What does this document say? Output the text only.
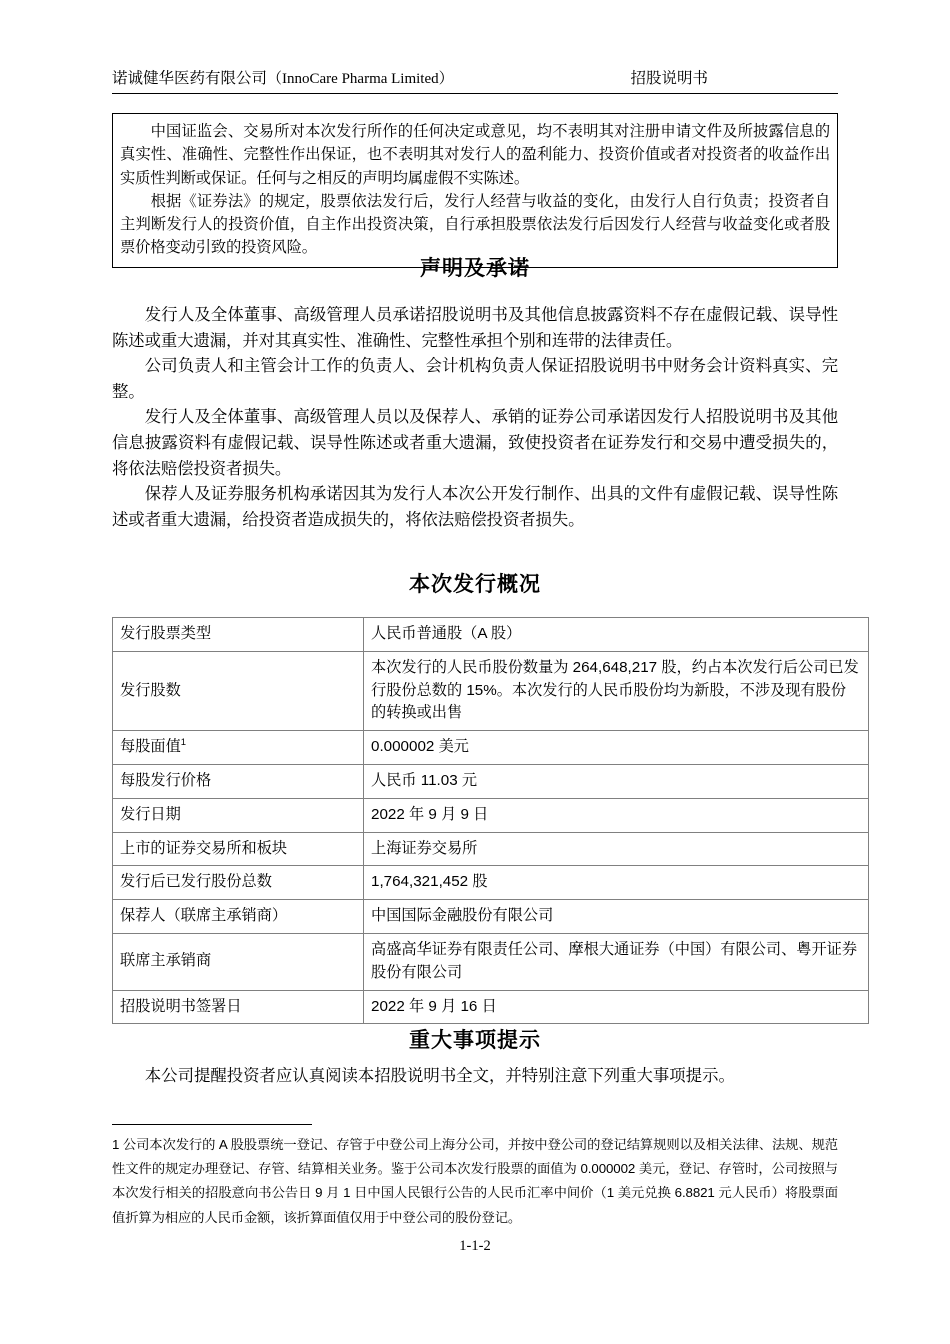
诺诚健华医药有限公司（InnoCare Pharma Limited）	招股说明书

中国证监会、交易所对本次发行所作的任何决定或意见，均不表明其对注册申请文件及所披露信息的真实性、准确性、完整性作出保证，也不表明其对发行人的盈利能力、投资价值或者对投资者的收益作出实质性判断或保证。任何与之相反的声明均属虚假不实陈述。

根据《证券法》的规定，股票依法发行后，发行人经营与收益的变化，由发行人自行负责；投资者自主判断发行人的投资价值，自主作出投资决策，自行承担股票依法发行后因发行人经营与收益变化或者股票价格变动引致的投资风险。

声明及承诺

发行人及全体董事、高级管理人员承诺招股说明书及其他信息披露资料不存在虚假记载、误导性陈述或重大遗漏，并对其真实性、准确性、完整性承担个别和连带的法律责任。

公司负责人和主管会计工作的负责人、会计机构负责人保证招股说明书中财务会计资料真实、完整。

发行人及全体董事、高级管理人员以及保荐人、承销的证券公司承诺因发行人招股说明书及其他信息披露资料有虚假记载、误导性陈述或者重大遗漏，致使投资者在证券发行和交易中遭受损失的，将依法赔偿投资者损失。

保荐人及证券服务机构承诺因其为发行人本次公开发行制作、出具的文件有虚假记载、误导性陈述或者重大遗漏，给投资者造成损失的，将依法赔偿投资者损失。

本次发行概况
发行股票类型	人民币普通股（A 股）
发行股数	本次发行的人民币股份数量为 264,648,217 股，约占本次发行后公司已发行股份总数的 15%。本次发行的人民币股份均为新股，不涉及现有股份的转换或出售
每股面值$^1$	0.000002 美元
每股发行价格	人民币 11.03 元
发行日期	2022 年 9 月 9 日
上市的证券交易所和板块	上海证券交易所
发行后已发行股份总数	1,764,321,452 股
保荐人（联席主承销商）	中国国际金融股份有限公司
联席主承销商	高盛高华证券有限责任公司、摩根大通证券（中国）有限公司、粤开证券股份有限公司
招股说明书签署日	2022 年 9 月 16 日
重大事项提示

本公司提醒投资者应认真阅读本招股说明书全文，并特别注意下列重大事项提示。

1 公司本次发行的 A 股股票统一登记、存管于中登公司上海分公司，并按中登公司的登记结算规则以及相关法律、法规、规范性文件的规定办理登记、存管、结算相关业务。鉴于公司本次发行股票的面值为 0.000002 美元，登记、存管时，公司按照与本次发行相关的招股意向书公告日 9 月 1 日中国人民银行公告的人民币汇率中间价（1 美元兑换 6.8821 元人民币）将股票面值折算为相应的人民币金额，该折算面值仅用于中登公司的股份登记。

1-1-2
